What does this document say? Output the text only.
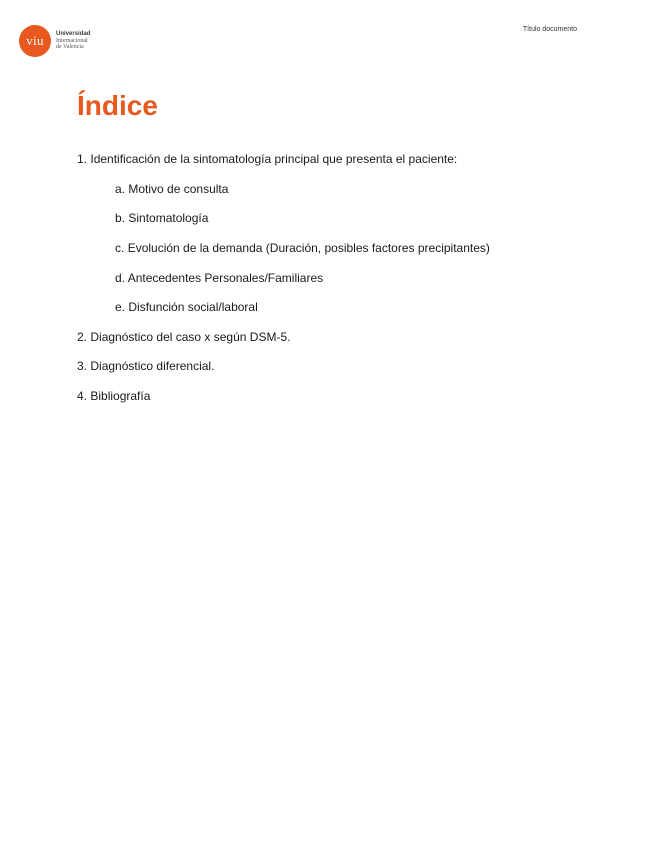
viu	Universidad
Internacional
de Valencia
Título documento
Índice
1. Identificación de la sintomatología principal que presenta el paciente:
a. Motivo de consulta
b. Sintomatología
c. Evolución de la demanda (Duración, posibles factores precipitantes)
d. Antecedentes Personales/Familiares
e. Disfunción social/laboral
2. Diagnóstico del caso x según DSM-5.
3. Diagnóstico diferencial.
4. Bibliografía
